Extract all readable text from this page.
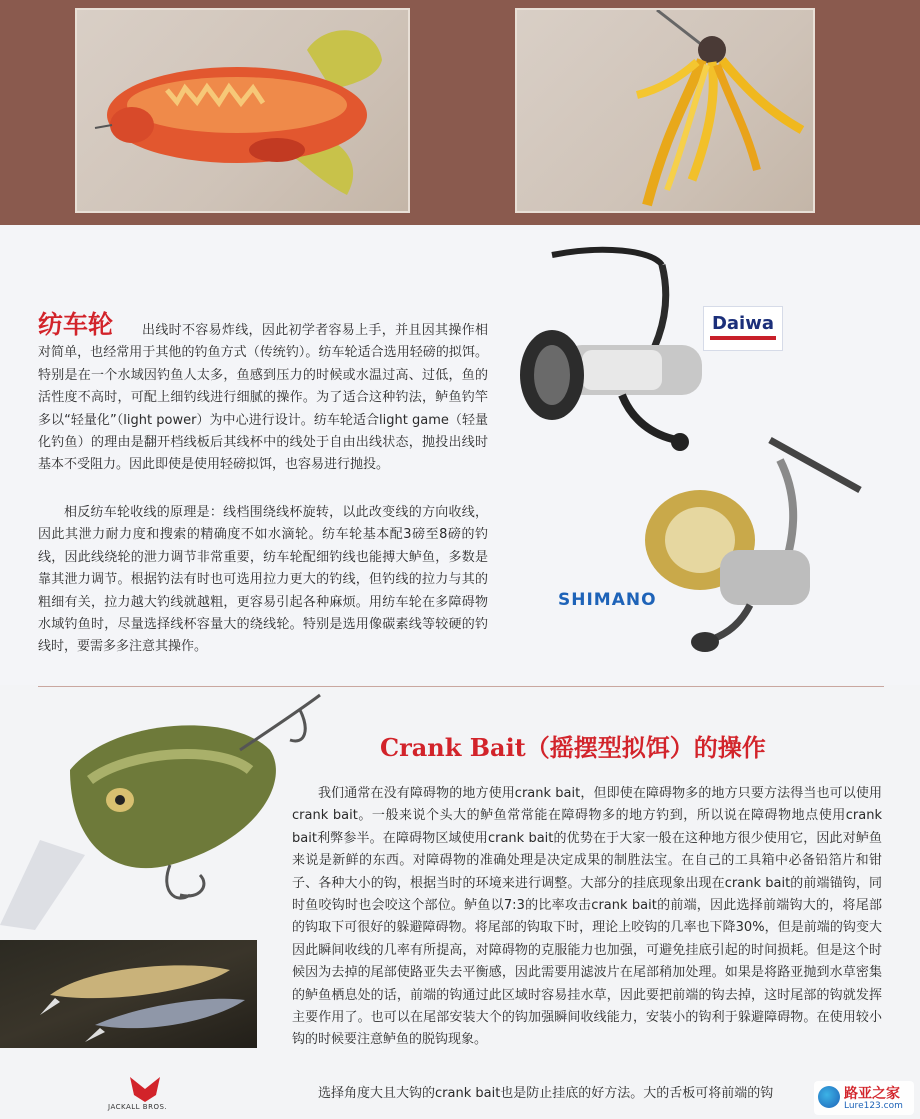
纺车轮	出线时不容易炸线，因此初学者容易上手，并且因其操作相对简单，也经常用于其他的钓鱼方式（传统钓）。纺车轮适合选用轻磅的拟饵。特别是在一个水域因钓鱼人太多，鱼感到压力的时候或水温过高、过低，鱼的活性度不高时，可配上细钓线进行细腻的操作。为了适合这种钓法，鲈鱼钓竿多以“轻量化”（light power）为中心进行设计。纺车轮适合light game（轻量化钓鱼）的理由是翻开档线板后其线杯中的线处于自由出线状态，抛投出线时基本不受阻力。因此即使是使用轻磅拟饵，也容易进行抛投。

相反纺车轮收线的原理是：线档围绕线杯旋转，以此改变线的方向收线，因此其泄力耐力度和搜索的精确度不如水滴轮。纺车轮基本配3磅至8磅的钓线，因此线绕轮的泄力调节非常重要，纺车轮配细钓线也能搏大鲈鱼，多数是靠其泄力调节。根据钓法有时也可选用拉力更大的钓线，但钓线的拉力与其的粗细有关，拉力越大钓线就越粗，更容易引起各种麻烦。用纺车轮在多障碍物水域钓鱼时，尽量选择线杯容量大的绕线轮。特别是选用像碳素线等较硬的钓线时，要需多多注意其操作。

Daiwa
SHIMANO
Crank Bait（摇摆型拟饵）的操作

我们通常在没有障碍物的地方使用crank bait，但即使在障碍物多的地方只要方法得当也可以使用crank bait。一般来说个头大的鲈鱼常常能在障碍物多的地方钓到，所以说在障碍物地点使用crank bait利弊参半。在障碍物区域使用crank bait的优势在于大家一般在这种地方很少使用它，因此对鲈鱼来说是新鲜的东西。对障碍物的准确处理是决定成果的制胜法宝。在自己的工具箱中必备铅箔片和钳子、各种大小的钩，根据当时的环境来进行调整。大部分的挂底现象出现在crank bait的前端锚钩，同时鱼咬钩时也会咬这个部位。鲈鱼以7:3的比率攻击crank bait的前端，因此选择前端钩大的，将尾部的钩取下可很好的躲避障碍物。将尾部的钩取下时，理论上咬钩的几率也下降30%，但是前端的钩变大因此瞬间收线的几率有所提高，对障碍物的克服能力也加强，可避免挂底引起的时间损耗。但是这个时候因为去掉的尾部使路亚失去平衡感，因此需要用滤波片在尾部稍加处理。如果是将路亚抛到水草密集的鲈鱼栖息处的话，前端的钩通过此区域时容易挂水草，因此要把前端的钩去掉，这时尾部的钩就发挥主要作用了。也可以在尾部安装大个的钩加强瞬间收线能力，安装小的钩利于躲避障碍物。在使用较小钩的时候要注意鲈鱼的脱钩现象。

选择角度大且大钩的crank bait也是防止挂底的好方法。大的舌板可将前端的钩

JACKALL BROS.
路亚之家
Lure123.com
